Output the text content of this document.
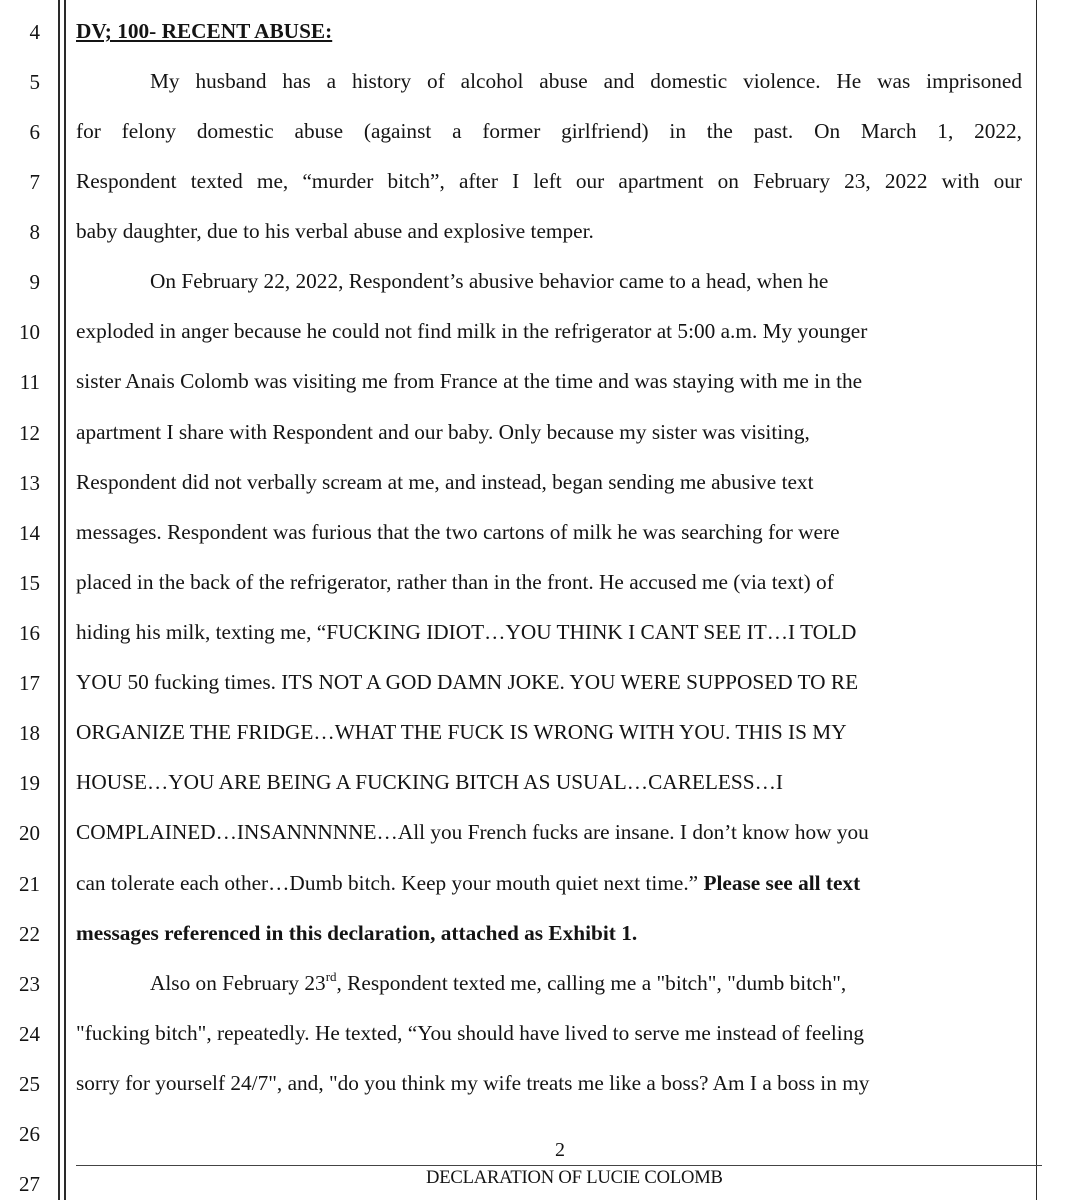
4
5
6
7
8
9
10
11
12
13
14
15
16
17
18
19
20
21
22
23
24
25
26
27
DV; 100- RECENT ABUSE:
My husband has a history of alcohol abuse and domestic violence. He was imprisoned
for felony domestic abuse (against a former girlfriend) in the past. On March 1, 2022,
Respondent texted me, “murder bitch”, after I left our apartment on February 23, 2022 with our
baby daughter, due to his verbal abuse and explosive temper.
On February 22, 2022, Respondent’s abusive behavior came to a head, when he
exploded in anger because he could not find milk in the refrigerator at 5:00 a.m. My younger
sister Anais Colomb was visiting me from France at the time and was staying with me in the
apartment I share with Respondent and our baby. Only because my sister was visiting,
Respondent did not verbally scream at me, and instead, began sending me abusive text
messages. Respondent was furious that the two cartons of milk he was searching for were
placed in the back of the refrigerator, rather than in the front. He accused me (via text) of
hiding his milk, texting me, “FUCKING IDIOT…YOU THINK I CANT SEE IT…I TOLD
YOU 50 fucking times. ITS NOT A GOD DAMN JOKE. YOU WERE SUPPOSED TO RE
ORGANIZE THE FRIDGE…WHAT THE FUCK IS WRONG WITH YOU. THIS IS MY
HOUSE…YOU ARE BEING A FUCKING BITCH AS USUAL…CARELESS…I
COMPLAINED…INSANNNNNE…All you French fucks are insane. I don’t know how you
can tolerate each other…Dumb bitch. Keep your mouth quiet next time.” Please see all text
messages referenced in this declaration, attached as Exhibit 1.
Also on February 23rd, Respondent texted me, calling me a "bitch", "dumb bitch",
"fucking bitch", repeatedly. He texted, “You should have lived to serve me instead of feeling
sorry for yourself 24/7", and, "do you think my wife treats me like a boss? Am I a boss in my
2
DECLARATION OF LUCIE COLOMB
